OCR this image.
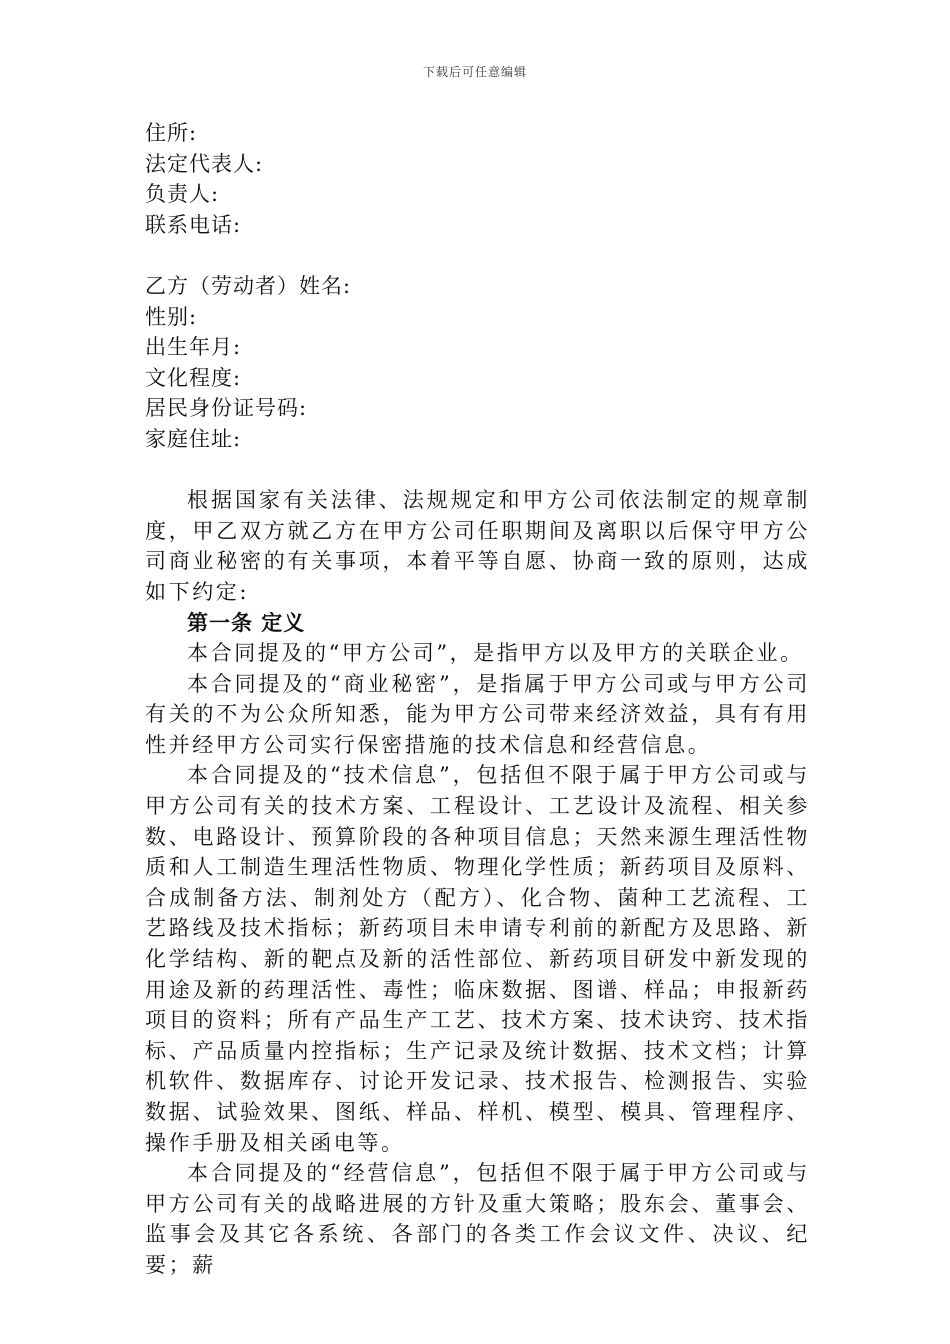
下载后可任意编辑
住所:
法定代表人:
负责人:
联系电话:
乙方（劳动者）姓名:
性别:
出生年月:
文化程度:
居民身份证号码:
家庭住址:

根据国家有关法律、法规规定和甲方公司依法制定的规章制度，甲乙双方就乙方在甲方公司任职期间及离职以后保守甲方公司商业秘密的有关事项，本着平等自愿、协商一致的原则，达成如下约定:

第一条 定义

本合同提及的“甲方公司”，是指甲方以及甲方的关联企业。

本合同提及的“商业秘密”，是指属于甲方公司或与甲方公司有关的不为公众所知悉，能为甲方公司带来经济效益，具有有用性并经甲方公司实行保密措施的技术信息和经营信息。

本合同提及的“技术信息”，包括但不限于属于甲方公司或与甲方公司有关的技术方案、工程设计、工艺设计及流程、相关参数、电路设计、预算阶段的各种项目信息；天然来源生理活性物质和人工制造生理活性物质、物理化学性质；新药项目及原料、合成制备方法、制剂处方（配方）、化合物、菌种工艺流程、工艺路线及技术指标；新药项目未申请专利前的新配方及思路、新化学结构、新的靶点及新的活性部位、新药项目研发中新发现的用途及新的药理活性、毒性；临床数据、图谱、样品；申报新药项目的资料；所有产品生产工艺、技术方案、技术诀窍、技术指标、产品质量内控指标；生产记录及统计数据、技术文档；计算机软件、数据库存、讨论开发记录、技术报告、检测报告、实验数据、试验效果、图纸、样品、样机、模型、模具、管理程序、操作手册及相关函电等。

本合同提及的“经营信息”，包括但不限于属于甲方公司或与甲方公司有关的战略进展的方针及重大策略；股东会、董事会、监事会及其它各系统、各部门的各类工作会议文件、决议、纪要；薪
